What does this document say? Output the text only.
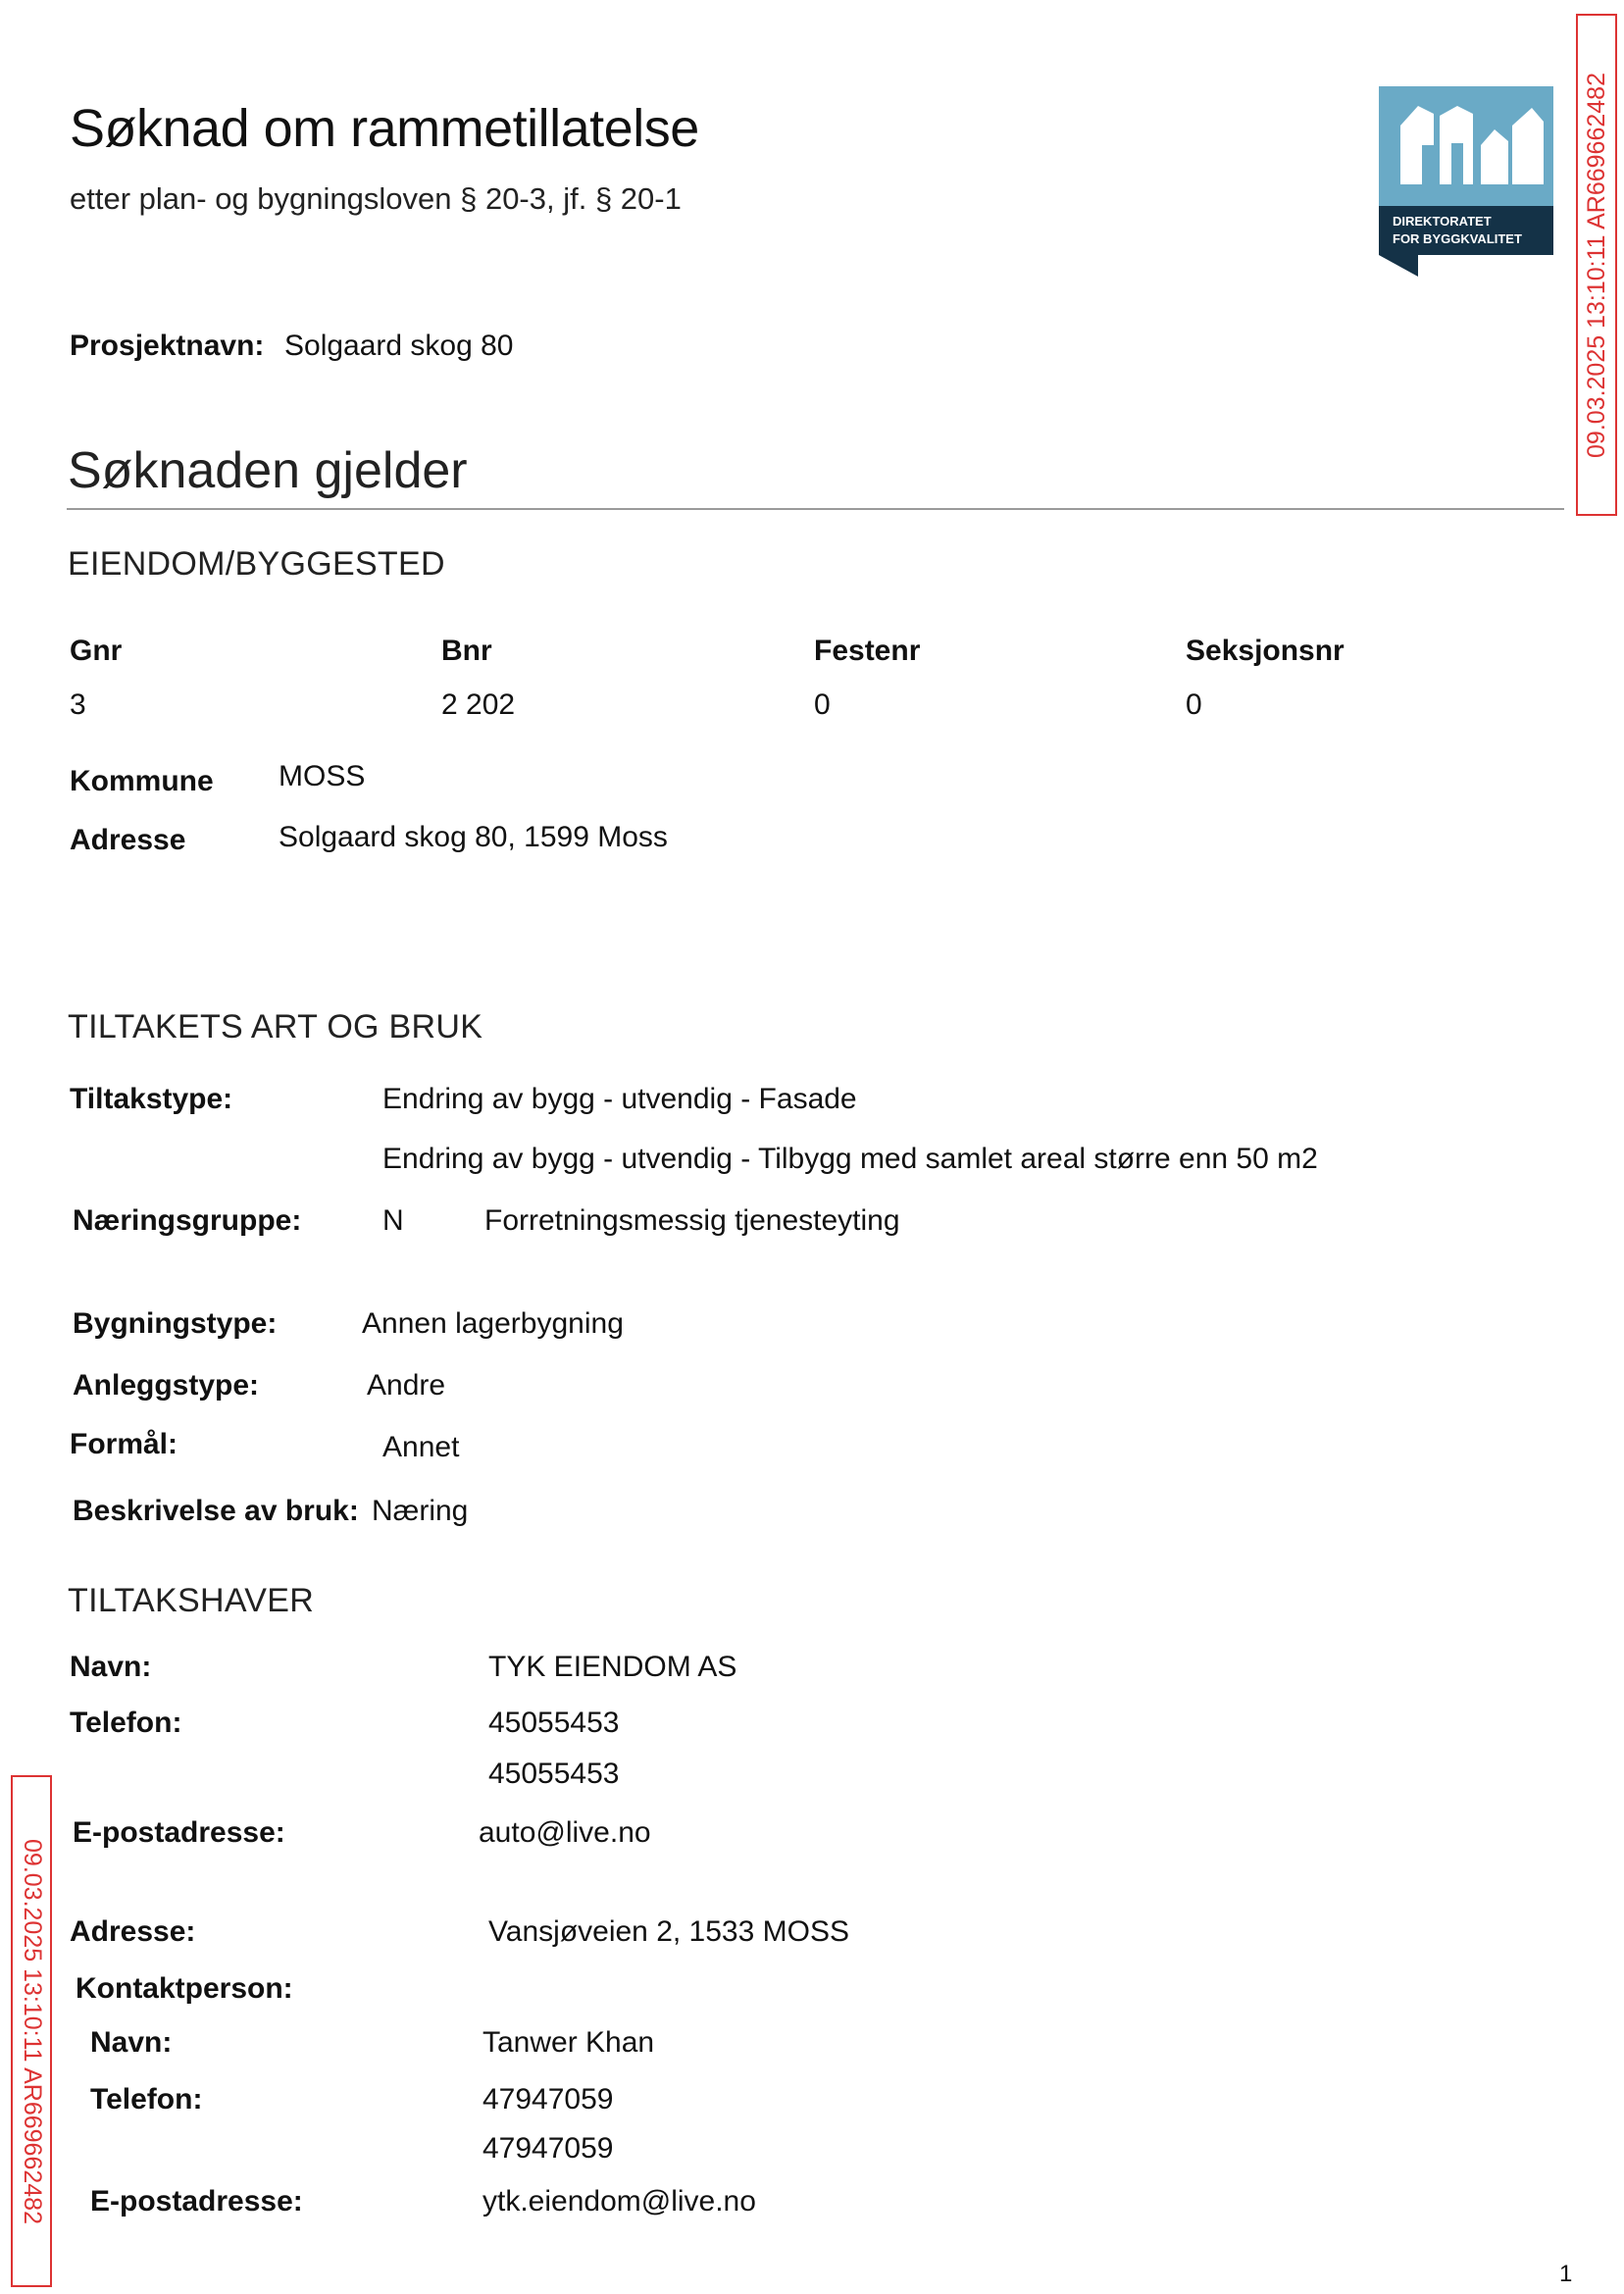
Søknad om rammetillatelse
etter plan- og bygningsloven § 20-3, jf. § 20-1
DIREKTORATET
FOR BYGGKVALITET 09.03.2025 13:10:11 AR669662482
09.03.2025 13:10:11 AR669662482
Prosjektnavn: Solgaard skog 80
Søknaden gjelder
EIENDOM/BYGGESTED
Gnr	Bnr	Festenr	Seksjonsnr
3	2 202	0	0
Kommune MOSS
Adresse	Solgaard skog 80, 1599 Moss
TILTAKETS ART OG BRUK
Tiltakstype:	Endring av bygg - utvendig - Fasade
Endring av bygg - utvendig - Tilbygg med samlet areal større enn 50 m2
Næringsgruppe:	N	Forretningsmessig tjenesteyting
Bygningstype:	Annen lagerbygning
Anleggstype:	Andre
Formål:	Annet
Beskrivelse av bruk: Næring
TILTAKSHAVER
Navn:	TYK EIENDOM AS
Telefon:	45055453
45055453
E-postadresse:	auto@live.no
Adresse:	Vansjøveien 2, 1533 MOSS
Kontaktperson:
Navn:	Tanwer Khan
Telefon:	47947059
47947059
E-postadresse:	ytk.eiendom@live.no
1
